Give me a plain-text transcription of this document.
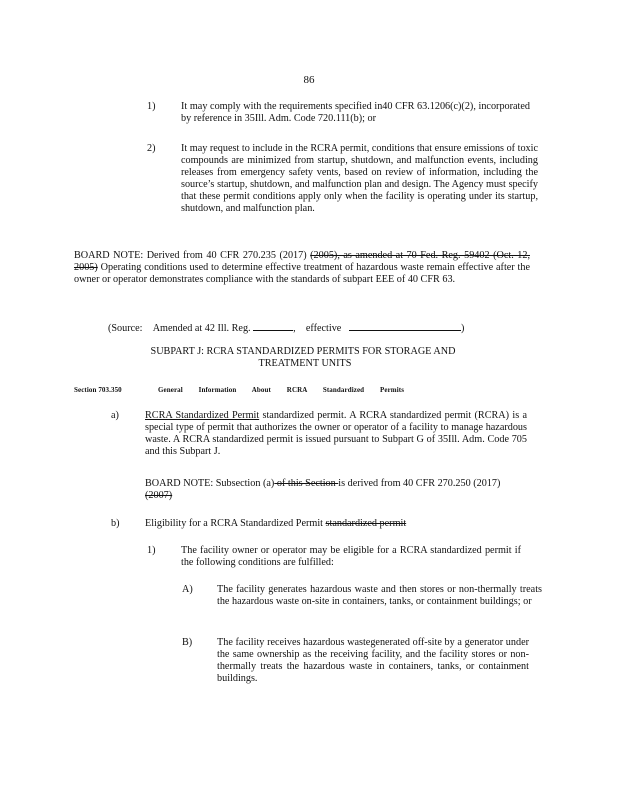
86
1)	It may comply with the requirements specified in40 CFR 63.1206(c)(2), incorporated by reference in 35Ill. Adm. Code 720.111(b); or
2)	It may request to include in the RCRA permit, conditions that ensure emissions of toxic compounds are minimized from startup, shutdown, and malfunction events, including releases from emergency safety vents, based on review of information, including the source’s startup, shutdown, and malfunction plan and design. The Agency must specify that these permit conditions apply only when the facility is operating under its startup, shutdown, and malfunction plan.
BOARD NOTE: Derived from 40 CFR 270.235 (2017) (2005), as amended at 70 Fed. Reg. 59402 (Oct. 12, 2005) Operating conditions used to determine effective treatment of hazardous waste remain effective after the owner or operator demonstrates compliance with the standards of subpart EEE of 40 CFR 63.
(Source: Amended at 42 Ill. Reg.	, effective	)
SUBPART J: RCRA STANDARDIZED PERMITS FOR STORAGE AND
TREATMENT UNITS
Section 703.350	General Information About RCRA Standardized Permits
a)	RCRA Standardized Permit standardized permit. A RCRA standardized permit (RCRA) is a special type of permit that authorizes the owner or operator of a facility to manage hazardous waste. A RCRA standardized permit is issued pursuant to Subpart G of 35Ill. Adm. Code 705 and this Subpart J.
BOARD NOTE: Subsection (a) of this Section is derived from 40 CFR 270.250 (2017) (2007)
b)	Eligibility for a RCRA Standardized Permit standardized permit
1)	The facility owner or operator may be eligible for a RCRA standardized permit if the following conditions are fulfilled:
A) The facility generates hazardous waste and then stores or non-thermally treats the hazardous waste on-site in containers, tanks, or containment buildings; or
B) The facility receives hazardous wastegenerated off-site by a generator under the same ownership as the receiving facility, and the facility stores or non-thermally treats the hazardous waste in containers, tanks, or containment buildings.
